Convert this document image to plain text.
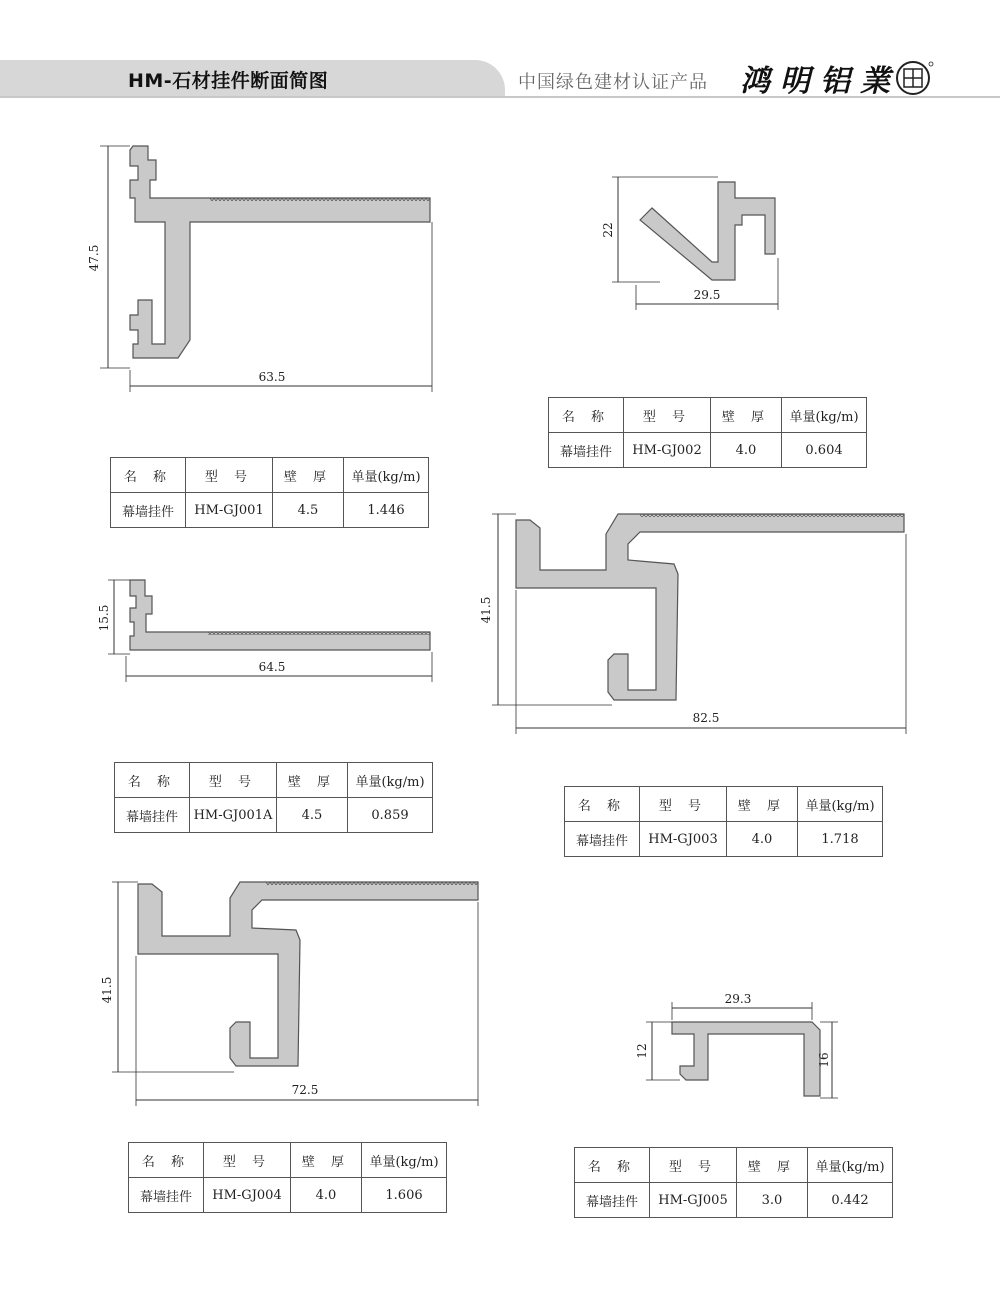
HM-石材挂件断面简图	中国绿色建材认证产品 鸿明铝業
47.5
63.5
22
29.5
15.5
64.5
41.5
82.5
41.5
72.5
29.3
12
16
名 称	型 号	壁 厚	单量(kg/m)
幕墙挂件	HM-GJ001	4.5	1.446
名 称	型 号	壁 厚	单量(kg/m)
幕墙挂件	HM-GJ002	4.0	0.604
名 称	型 号	壁 厚	单量(kg/m)
幕墙挂件	HM-GJ001A	4.5	0.859
名 称	型 号	壁 厚	单量(kg/m)
幕墙挂件	HM-GJ003	4.0	1.718
名 称	型 号	壁 厚	单量(kg/m)
幕墙挂件	HM-GJ004	4.0	1.606
名 称	型 号	壁 厚	单量(kg/m)
幕墙挂件	HM-GJ005	3.0	0.442
